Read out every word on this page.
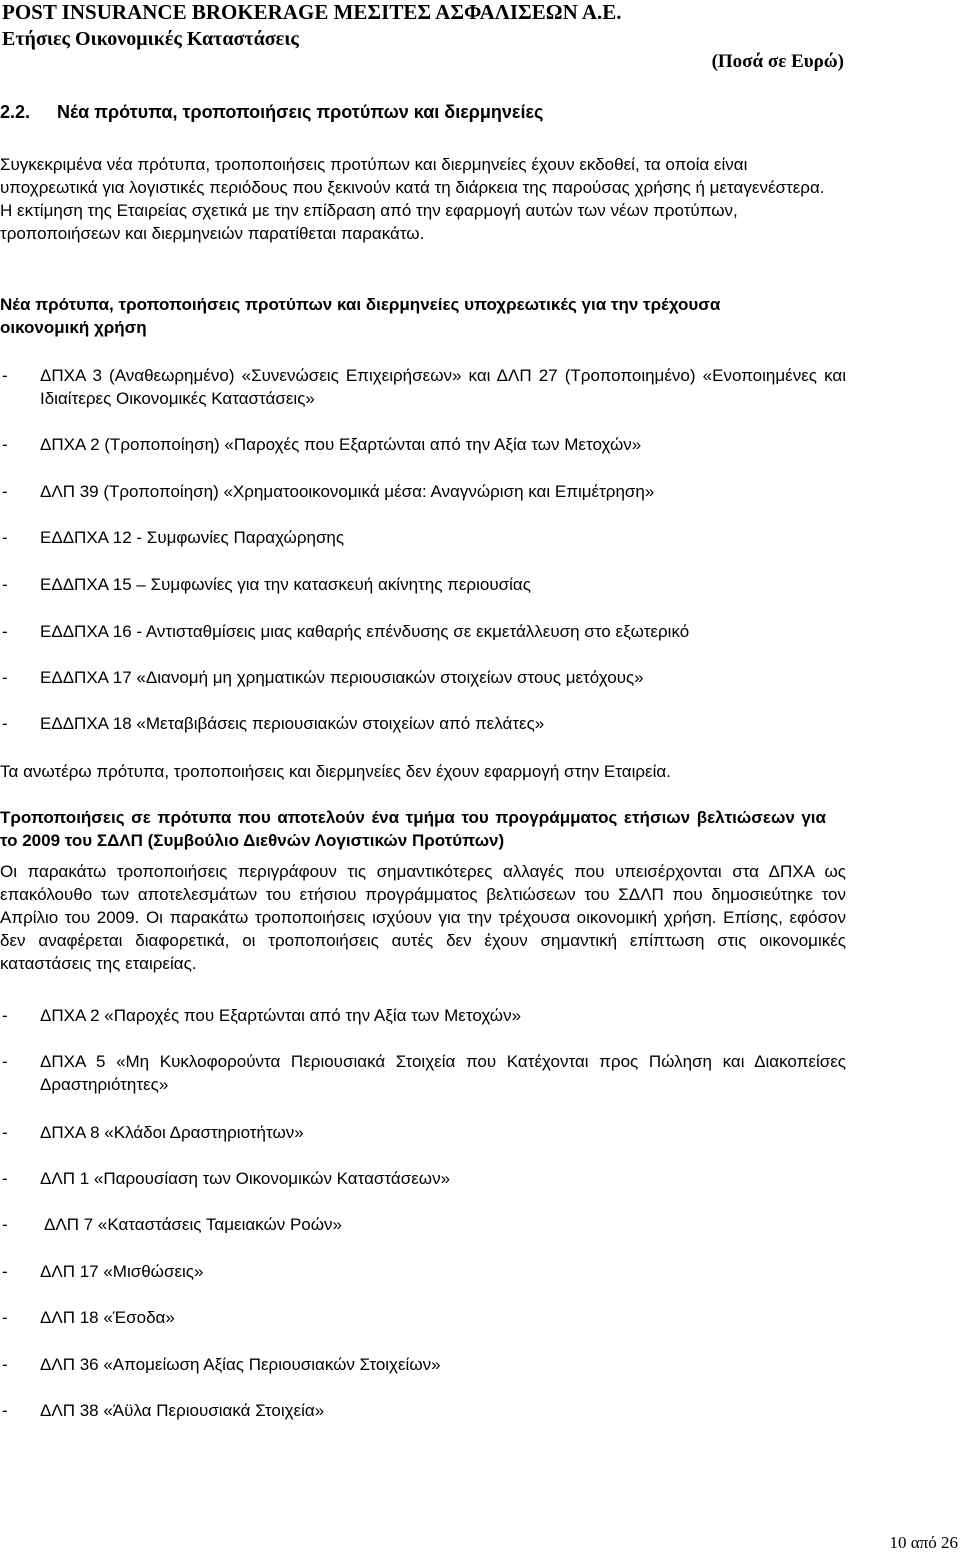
POST INSURANCE BROKERAGE ΜΕΣΙΤΕΣ ΑΣΦΑΛΙΣΕΩΝ Α.Ε.
Ετήσιες Οικονομικές Καταστάσεις
(Ποσά σε Ευρώ)
2.2. Νέα πρότυπα, τροποποιήσεις προτύπων και διερμηνείες
Συγκεκριμένα νέα πρότυπα, τροποποιήσεις προτύπων και διερμηνείες έχουν εκδοθεί, τα οποία είναι υποχρεωτικά για λογιστικές περιόδους που ξεκινούν κατά τη διάρκεια της παρούσας χρήσης ή μεταγενέστερα. Η εκτίμηση της Εταιρείας σχετικά με την επίδραση από την εφαρμογή αυτών των νέων προτύπων, τροποποιήσεων και διερμηνειών παρατίθεται παρακάτω.
Νέα πρότυπα, τροποποιήσεις προτύπων και διερμηνείες υποχρεωτικές για την τρέχουσα οικονομική χρήση
-	ΔΠΧΑ 3 (Αναθεωρημένο) «Συνενώσεις Επιχειρήσεων» και ΔΛΠ 27 (Τροποποιημένο) «Ενοποιημένες και Ιδιαίτερες Οικονομικές Καταστάσεις»
-	ΔΠΧΑ 2 (Τροποποίηση) «Παροχές που Εξαρτώνται από την Αξία των Μετοχών»
-	ΔΛΠ 39 (Τροποποίηση) «Χρηματοοικονομικά μέσα: Αναγνώριση και Επιμέτρηση»
-	ΕΔΔΠΧΑ 12 - Συμφωνίες Παραχώρησης
-	ΕΔΔΠΧΑ 15 – Συμφωνίες για την κατασκευή ακίνητης περιουσίας
-	ΕΔΔΠΧΑ 16 - Αντισταθμίσεις μιας καθαρής επένδυσης σε εκμετάλλευση στο εξωτερικό
-	ΕΔΔΠΧΑ 17 «Διανομή μη χρηματικών περιουσιακών στοιχείων στους μετόχους»
-	ΕΔΔΠΧΑ 18 «Μεταβιβάσεις περιουσιακών στοιχείων από πελάτες»
Τα ανωτέρω πρότυπα, τροποποιήσεις και διερμηνείες δεν έχουν εφαρμογή στην Εταιρεία.
Τροποποιήσεις σε πρότυπα που αποτελούν ένα τμήμα του προγράμματος ετήσιων βελτιώσεων για το 2009 του ΣΔΛΠ (Συμβούλιο Διεθνών Λογιστικών Προτύπων)
Οι παρακάτω τροποποιήσεις περιγράφουν τις σημαντικότερες αλλαγές που υπεισέρχονται στα ΔΠΧΑ ως επακόλουθο των αποτελεσμάτων του ετήσιου προγράμματος βελτιώσεων του ΣΔΛΠ που δημοσιεύτηκε τον Απρίλιο του 2009. Οι παρακάτω τροποποιήσεις ισχύουν για την τρέχουσα οικονομική χρήση. Επίσης, εφόσον δεν αναφέρεται διαφορετικά, οι τροποποιήσεις αυτές δεν έχουν σημαντική επίπτωση στις οικονομικές καταστάσεις της εταιρείας.
-	ΔΠΧΑ 2 «Παροχές που Εξαρτώνται από την Αξία των Μετοχών»
-	ΔΠΧΑ 5 «Μη Κυκλοφορούντα Περιουσιακά Στοιχεία που Κατέχονται προς Πώληση και Διακοπείσες Δραστηριότητες»
-	ΔΠΧΑ 8 «Κλάδοι Δραστηριοτήτων»
-	ΔΛΠ 1 «Παρουσίαση των Οικονομικών Καταστάσεων»
-	ΔΛΠ 7 «Καταστάσεις Ταμειακών Ροών»
-	ΔΛΠ 17 «Μισθώσεις»
-	ΔΛΠ 18 «Έσοδα»
-	ΔΛΠ 36 «Απομείωση Αξίας Περιουσιακών Στοιχείων»
-	ΔΛΠ 38 «Άϋλα Περιουσιακά Στοιχεία»
10 από 26
